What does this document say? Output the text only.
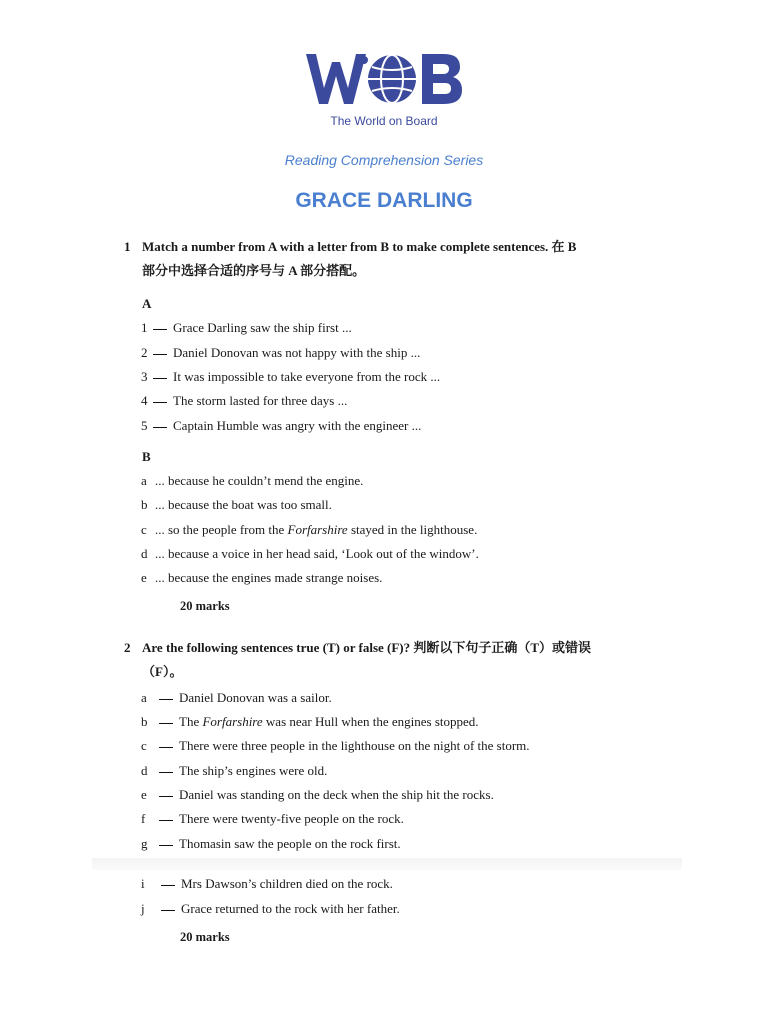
The World on Board
Reading Comprehension Series
GRACE DARLING
1 Match a number from A with a letter from B to make complete sentences. 在 B
部分中选择合适的序号与 A 部分搭配。
A
1 Grace Darling saw the ship first ...
2 Daniel Donovan was not happy with the ship ...
3 It was impossible to take everyone from the rock ...
4 The storm lasted for three days ...
5 Captain Humble was angry with the engineer ...
B
a ... because he couldn’t mend the engine.
b ... because the boat was too small.
c ... so the people from the Forfarshire stayed in the lighthouse.
d ... because a voice in her head said, ‘Look out of the window’.
e ... because the engines made strange noises.
20 marks
2 Are the following sentences true (T) or false (F)? 判断以下句子正确（T）或错误
（F）。
a Daniel Donovan was a sailor.
b The Forfarshire was near Hull when the engines stopped.
c There were three people in the lighthouse on the night of the storm.
d The ship’s engines were old.
e Daniel was standing on the deck when the ship hit the rocks.
f	There were twenty-five people on the rock.
g Thomasin saw the people on the rock first.
i	Mrs Dawson’s children died on the rock.
j	Grace returned to the rock with her father.
20 marks
